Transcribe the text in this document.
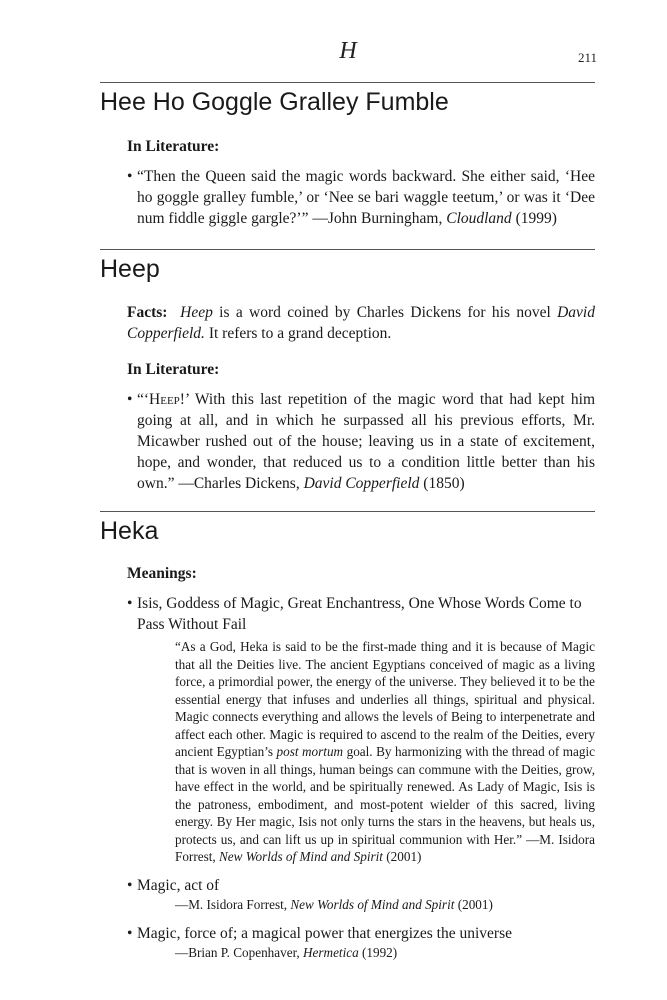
H	211
Hee Ho Goggle Gralley Fumble
In Literature:
• “Then the Queen said the magic words backward. She either said, ‘Hee ho goggle gralley fumble,’ or ‘Nee se bari waggle teetum,’ or was it ‘Dee num fiddle giggle gargle?’” —John Burningham, Cloudland (1999)
Heep
Facts: Heep is a word coined by Charles Dickens for his novel David Copperfield. It refers to a grand deception.
In Literature:
• “‘Heep!’ With this last repetition of the magic word that had kept him going at all, and in which he surpassed all his previous efforts, Mr. Micawber rushed out of the house; leaving us in a state of excitement, hope, and wonder, that reduced us to a condition little better than his own.” —Charles Dickens, David Copperfield (1850)
Heka
Meanings:
• Isis, Goddess of Magic, Great Enchantress, One Whose Words Come to Pass Without Fail
“As a God, Heka is said to be the first-made thing and it is because of Magic that all the Deities live. The ancient Egyptians conceived of magic as a living force, a primordial power, the energy of the universe. They believed it to be the essential energy that infuses and underlies all things, spiritual and physical. Magic connects everything and allows the levels of Being to interpenetrate and affect each other. Magic is required to ascend to the realm of the Deities, every ancient Egyptian’s post mortum goal. By harmonizing with the thread of magic that is woven in all things, human beings can commune with the Deities, grow, have effect in the world, and be spiritually renewed. As Lady of Magic, Isis is the patroness, embodiment, and most-potent wielder of this sacred, living energy. By Her magic, Isis not only turns the stars in the heavens, but heals us, protects us, and can lift us up in spiritual communion with Her.” —M. Isidora Forrest, New Worlds of Mind and Spirit (2001)
• Magic, act of
—M. Isidora Forrest, New Worlds of Mind and Spirit (2001)
• Magic, force of; a magical power that energizes the universe
—Brian P. Copenhaver, Hermetica (1992)
